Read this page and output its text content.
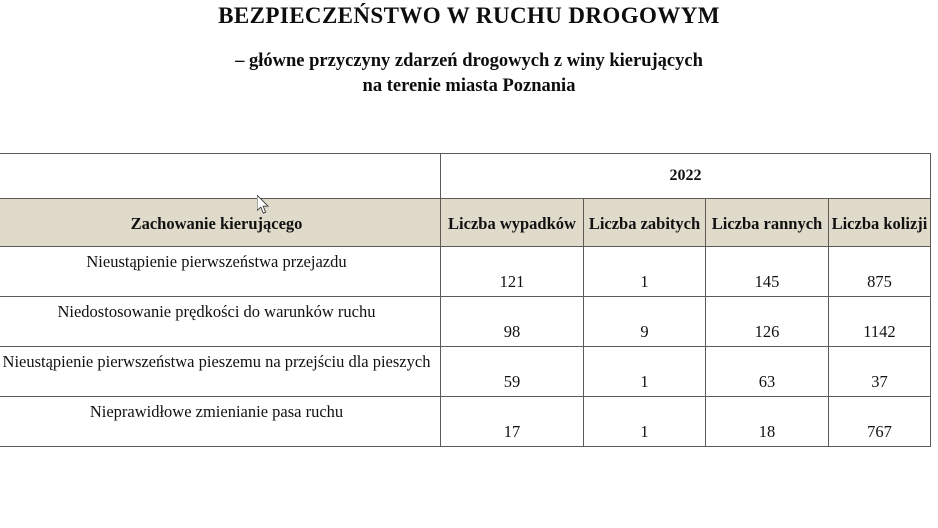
BEZPIECZEŃSTWO W RUCHU DROGOWYM
– główne przyczyny zdarzeń drogowych z winy kierujących
na terenie miasta Poznania

	2022			

Zachowanie kierującego	Liczba wypadków	Liczba zabitych	Liczba rannych	Liczba kolizji

Nieustąpienie pierwszeństwa przejazdu	121	1	145	875

Niedostosowanie prędkości do warunków ruchu	98	9	126	1142

Nieustąpienie pierwszeństwa pieszemu na przejściu dla pieszych	59	1	63	37

Nieprawidłowe zmienianie pasa ruchu	17	1	18	767
